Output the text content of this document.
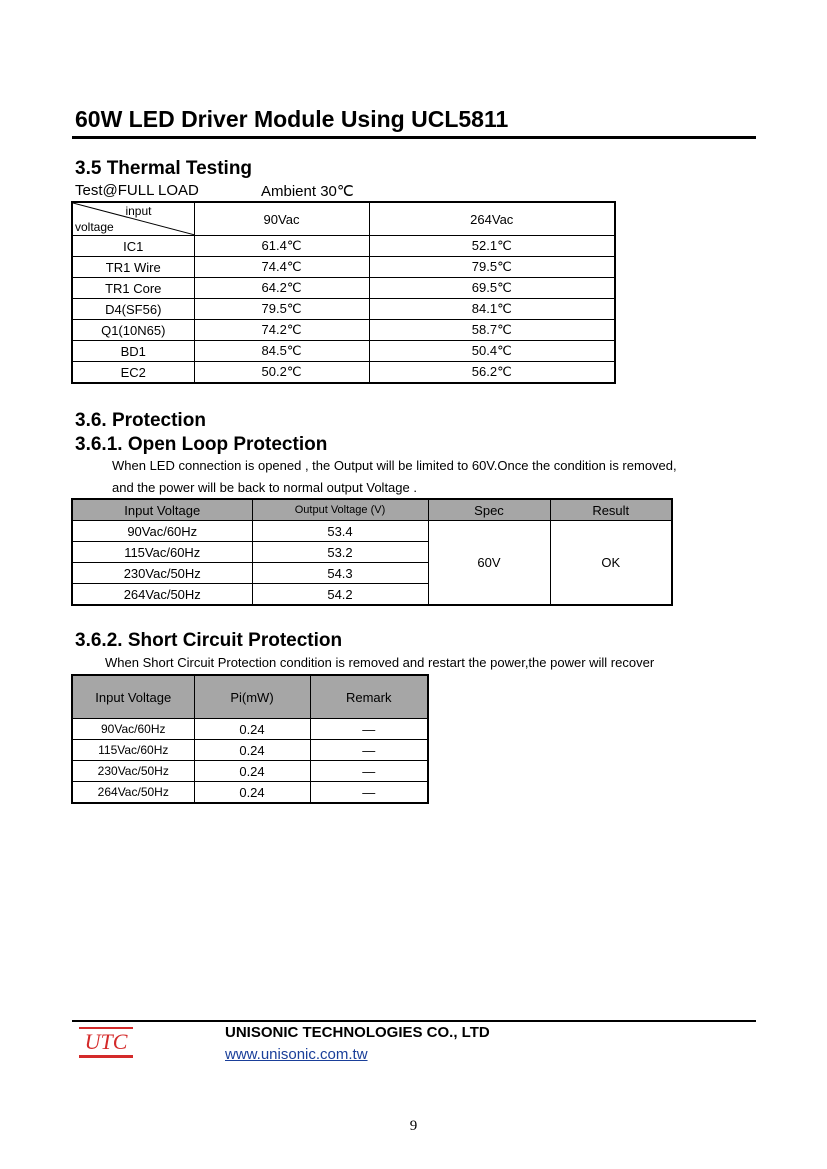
60W LED Driver Module Using UCL5811
3.5 Thermal Testing
Test@FULL LOAD	Ambient 30℃
input
voltage	90Vac	264Vac
IC1	61.4℃	52.1℃
TR1 Wire	74.4℃	79.5℃
TR1 Core	64.2℃	69.5℃
D4(SF56)	79.5℃	84.1℃
Q1(10N65)	74.2℃	58.7℃
BD1	84.5℃	50.4℃
EC2	50.2℃	56.2℃
3.6. Protection
3.6.1. Open Loop Protection
When LED connection is opened , the Output will be limited to 60V.Once the condition is removed,
and the power will be back to normal output Voltage .
Input Voltage	Output Voltage (V)	Spec	Result
90Vac/60Hz	53.4	60V	OK
115Vac/60Hz	53.2		
230Vac/50Hz	54.3		
264Vac/50Hz	54.2		
3.6.2. Short Circuit Protection
When Short Circuit Protection condition is removed and restart the power,the power will recover
Input Voltage	Pi(mW)	Remark
90Vac/60Hz	0.24	—
115Vac/60Hz	0.24	—
230Vac/50Hz	0.24	—
264Vac/50Hz	0.24	—
UTC	UNISONIC TECHNOLOGIES CO., LTD
www.unisonic.com.tw
9
